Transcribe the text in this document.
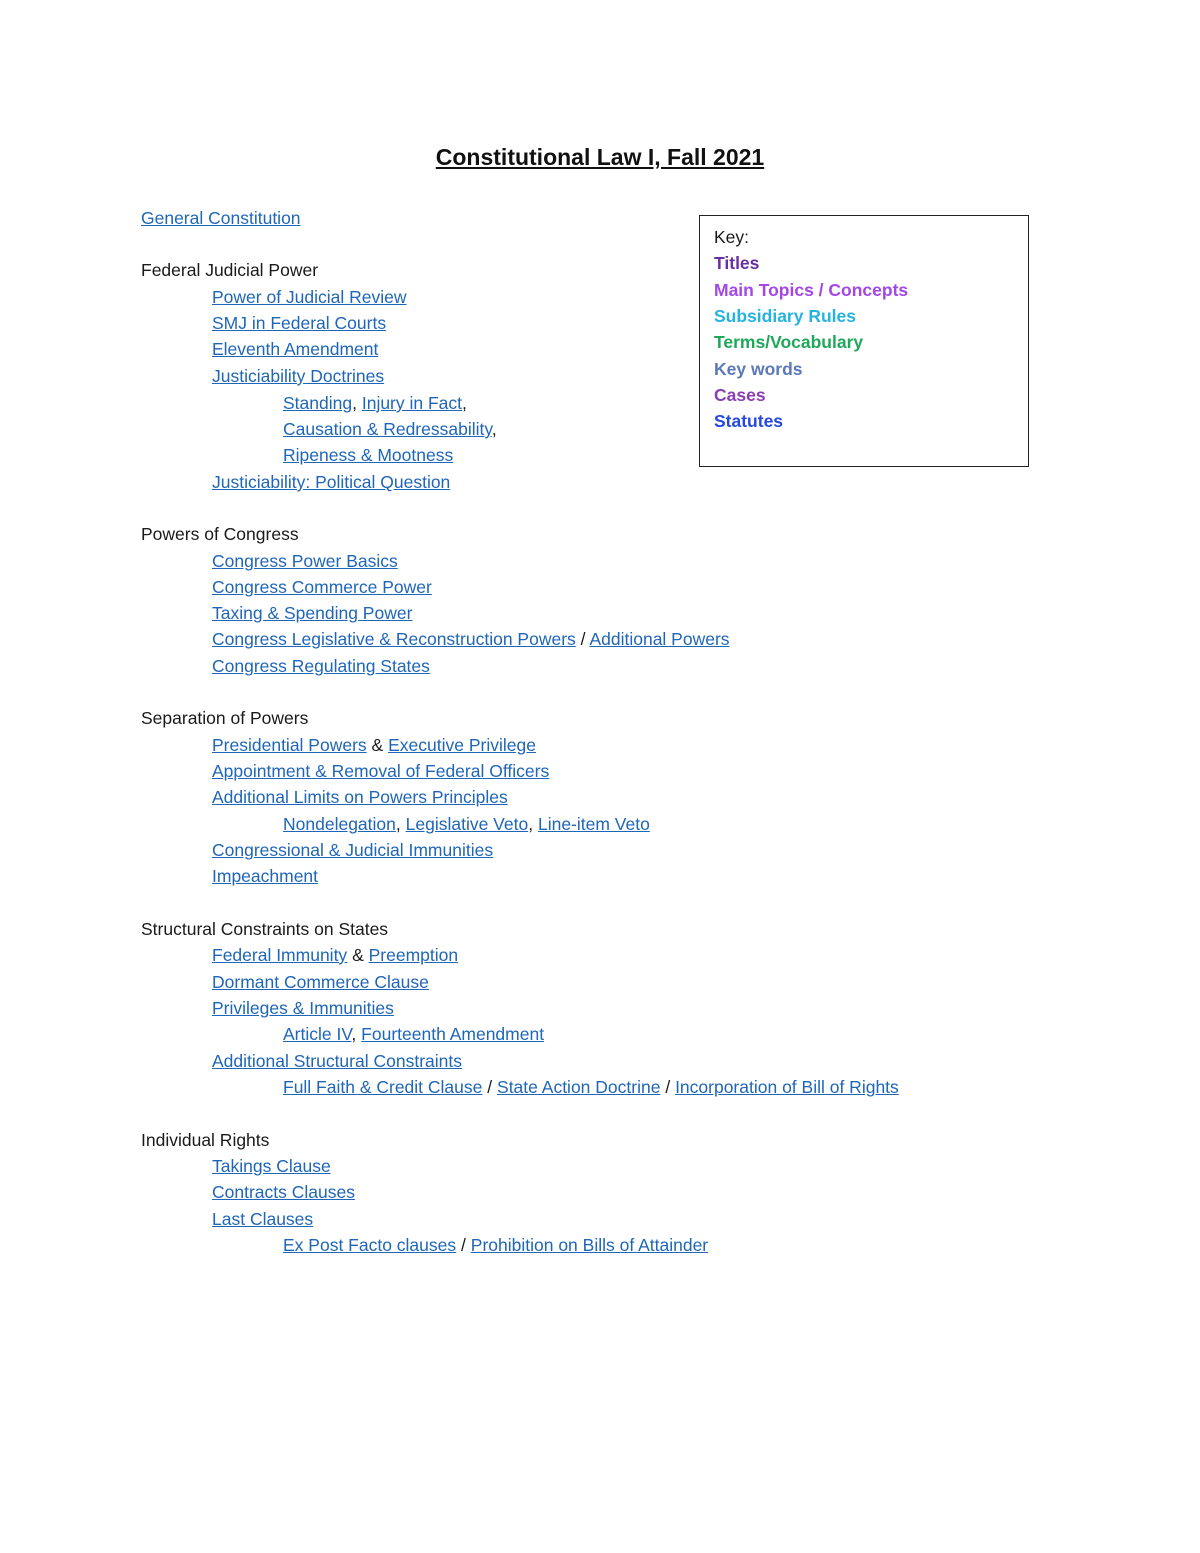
Constitutional Law I, Fall 2021
General Constitution
Federal Judicial Power
Power of Judicial Review
SMJ in Federal Courts
Eleventh Amendment
Justiciability Doctrines
Standing, Injury in Fact,
Causation & Redressability,
Ripeness & Mootness
Justiciability: Political Question
Powers of Congress
Congress Power Basics
Congress Commerce Power
Taxing & Spending Power
Congress Legislative & Reconstruction Powers / Additional Powers
Congress Regulating States
Separation of Powers
Presidential Powers & Executive Privilege
Appointment & Removal of Federal Officers
Additional Limits on Powers Principles
Nondelegation, Legislative Veto, Line-item Veto
Congressional & Judicial Immunities
Impeachment
Structural Constraints on States
Federal Immunity & Preemption
Dormant Commerce Clause
Privileges & Immunities
Article IV, Fourteenth Amendment
Additional Structural Constraints
Full Faith & Credit Clause / State Action Doctrine / Incorporation of Bill of Rights
Individual Rights
Takings Clause
Contracts Clauses
Last Clauses
Ex Post Facto clauses / Prohibition on Bills of Attainder
Key:
Titles
Main Topics / Concepts
Subsidiary Rules
Terms/Vocabulary
Key words
Cases
Statutes
